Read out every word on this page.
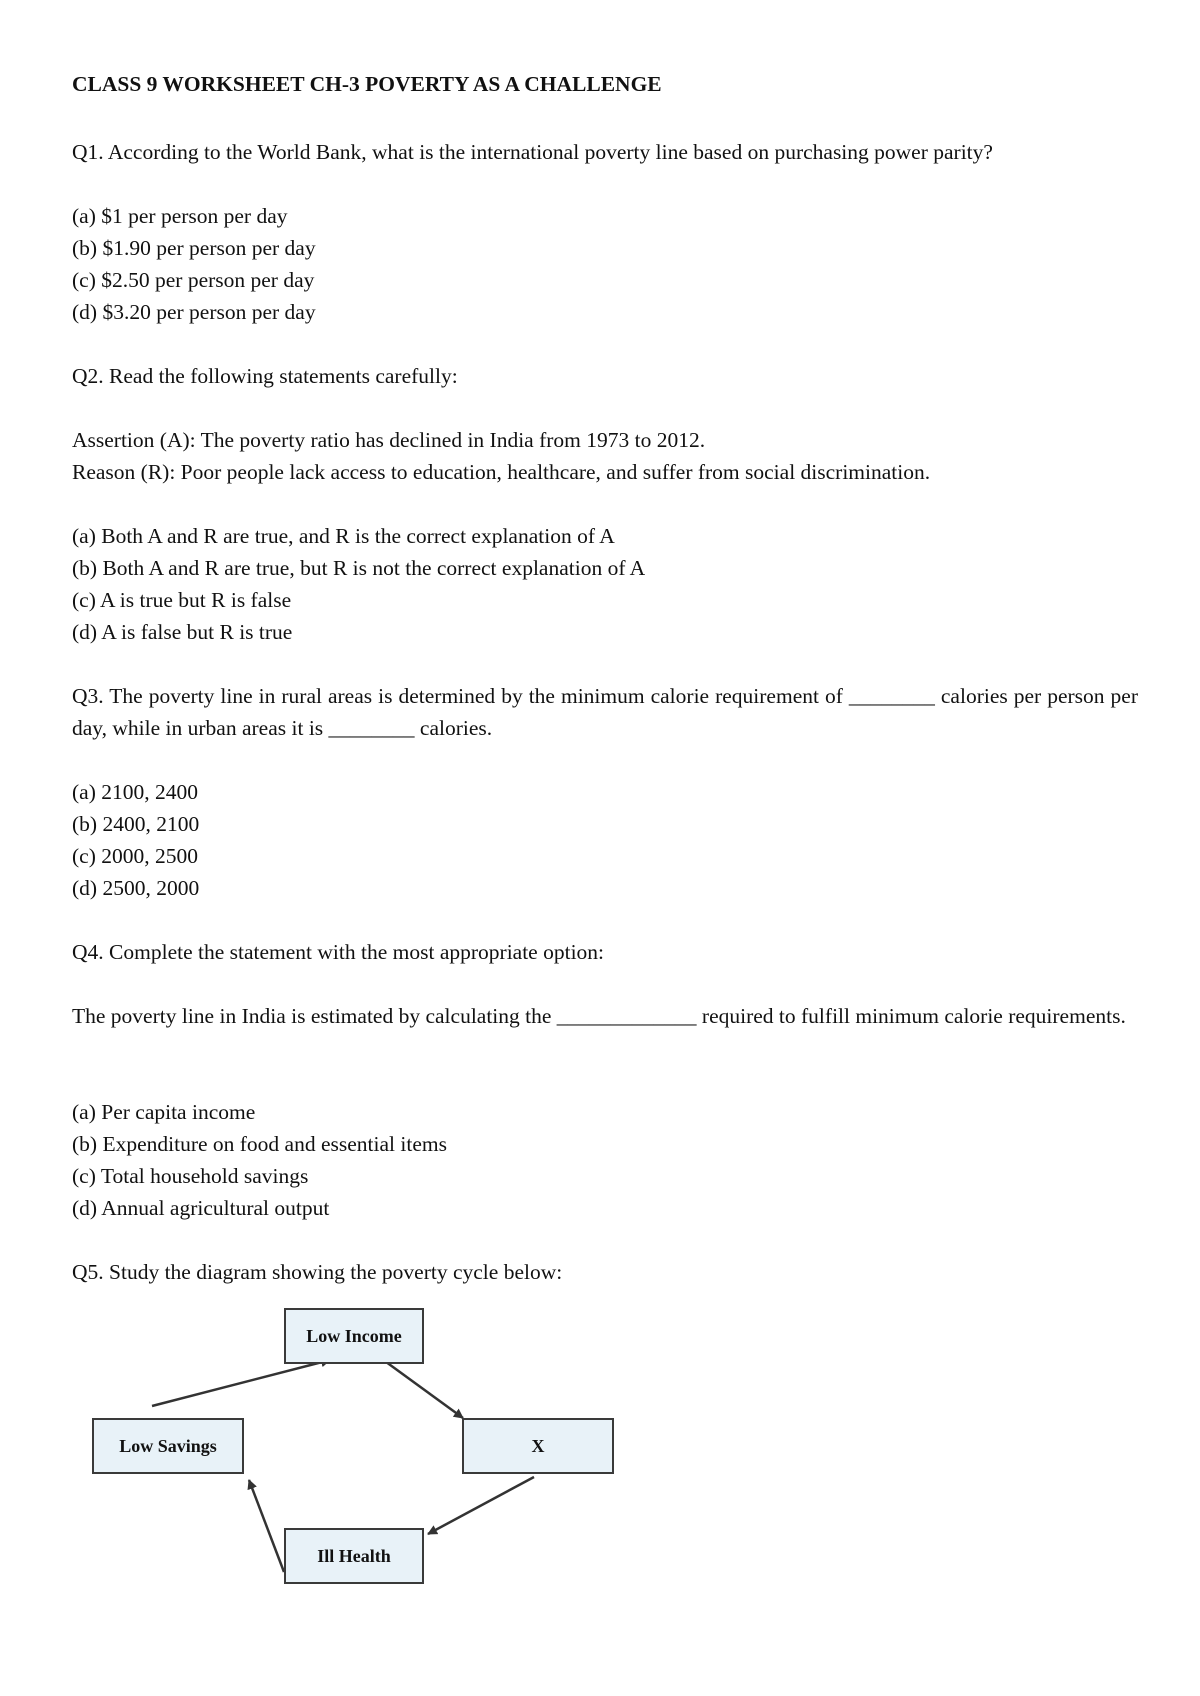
CLASS 9 WORKSHEET CH-3 POVERTY AS A CHALLENGE
Q1. According to the World Bank, what is the international poverty line based on purchasing power parity?
(a) $1 per person per day
(b) $1.90 per person per day
(c) $2.50 per person per day
(d) $3.20 per person per day
Q2. Read the following statements carefully:
Assertion (A): The poverty ratio has declined in India from 1973 to 2012.
Reason (R): Poor people lack access to education, healthcare, and suffer from social discrimination.
(a) Both A and R are true, and R is the correct explanation of A
(b) Both A and R are true, but R is not the correct explanation of A
(c) A is true but R is false
(d) A is false but R is true
Q3. The poverty line in rural areas is determined by the minimum calorie requirement of ________ calories per person per day, while in urban areas it is ________ calories.
(a) 2100, 2400
(b) 2400, 2100
(c) 2000, 2500
(d) 2500, 2000
Q4. Complete the statement with the most appropriate option:
The poverty line in India is estimated by calculating the _____________ required to fulfill minimum calorie requirements.
(a) Per capita income
(b) Expenditure on food and essential items
(c) Total household savings
(d) Annual agricultural output
Q5. Study the diagram showing the poverty cycle below:
Low Income
X
Ill Health
Low Savings
